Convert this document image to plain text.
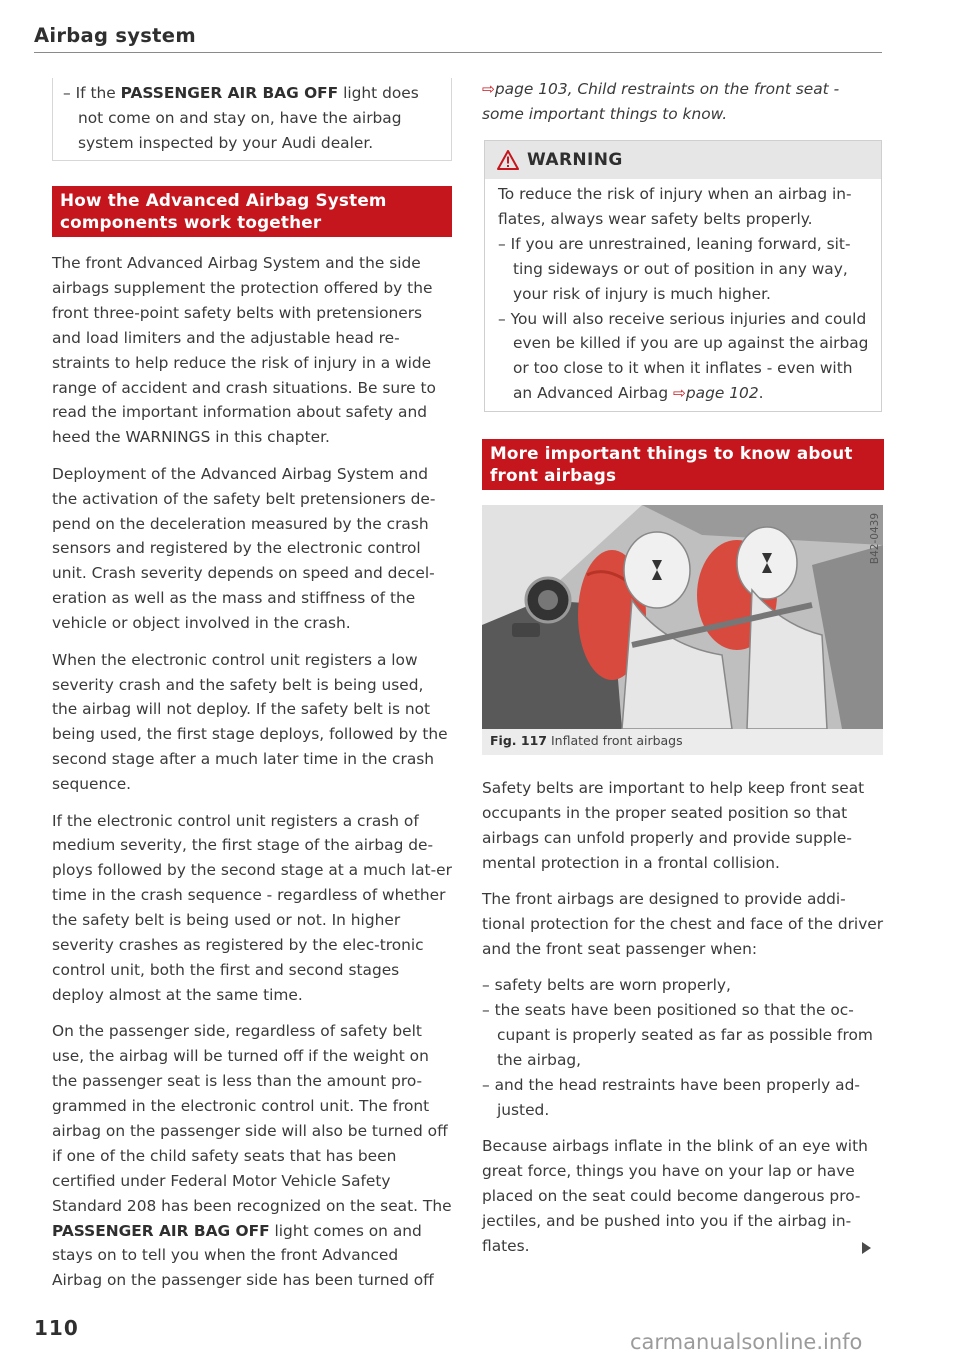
Airbag system
– If the PASSENGER AIR BAG OFF light does not come on and stay on, have the airbag system inspected by your Audi dealer.
How the Advanced Airbag System components work together

The front Advanced Airbag System and the side airbags supplement the protection offered by the front three-point safety belts with pretensioners and load limiters and the adjustable head re-straints to help reduce the risk of injury in a wide range of accident and crash situations. Be sure to read the important information about safety and heed the WARNINGS in this chapter.

Deployment of the Advanced Airbag System and the activation of the safety belt pretensioners de-pend on the deceleration measured by the crash sensors and registered by the electronic control unit. Crash severity depends on speed and decel-eration as well as the mass and stiffness of the vehicle or object involved in the crash.

When the electronic control unit registers a low severity crash and the safety belt is being used, the airbag will not deploy. If the safety belt is not being used, the first stage deploys, followed by the second stage after a much later time in the crash sequence.

If the electronic control unit registers a crash of medium severity, the first stage of the airbag de-ploys followed by the second stage at a much lat-er time in the crash sequence - regardless of whether the safety belt is being used or not. In higher severity crashes as registered by the elec-tronic control unit, both the first and second stages deploy almost at the same time.

On the passenger side, regardless of safety belt use, the airbag will be turned off if the weight on the passenger seat is less than the amount pro-grammed in the electronic control unit. The front airbag on the passenger side will also be turned off if one of the child safety seats that has been certified under Federal Motor Vehicle Safety Standard 208 has been recognized on the seat. The PASSENGER AIR BAG OFF light comes on and stays on to tell you when the front Advanced Airbag on the passenger side has been turned off

⇨page 103, Child restraints on the front seat - some important things to know.
WARNING

To reduce the risk of injury when an airbag in-flates, always wear safety belts properly.

– If you are unrestrained, leaning forward, sit-ting sideways or out of position in any way, your risk of injury is much higher.
– You will also receive serious injuries and could even be killed if you are up against the airbag or too close to it when it inflates - even with an Advanced Airbag ⇨page 102.
More important things to know about front airbags
B42-0439
Fig. 117 Inflated front airbags

Safety belts are important to help keep front seat occupants in the proper seated position so that airbags can unfold properly and provide supple-mental protection in a frontal collision.

The front airbags are designed to provide addi-tional protection for the chest and face of the driver and the front seat passenger when:

– safety belts are worn properly,
– the seats have been positioned so that the oc-cupant is properly seated as far as possible from the airbag,
– and the head restraints have been properly ad-justed.

Because airbags inflate in the blink of an eye with great force, things you have on your lap or have placed on the seat could become dangerous pro-jectiles, and be pushed into you if the airbag in-flates.

110
carmanualsonline.info
